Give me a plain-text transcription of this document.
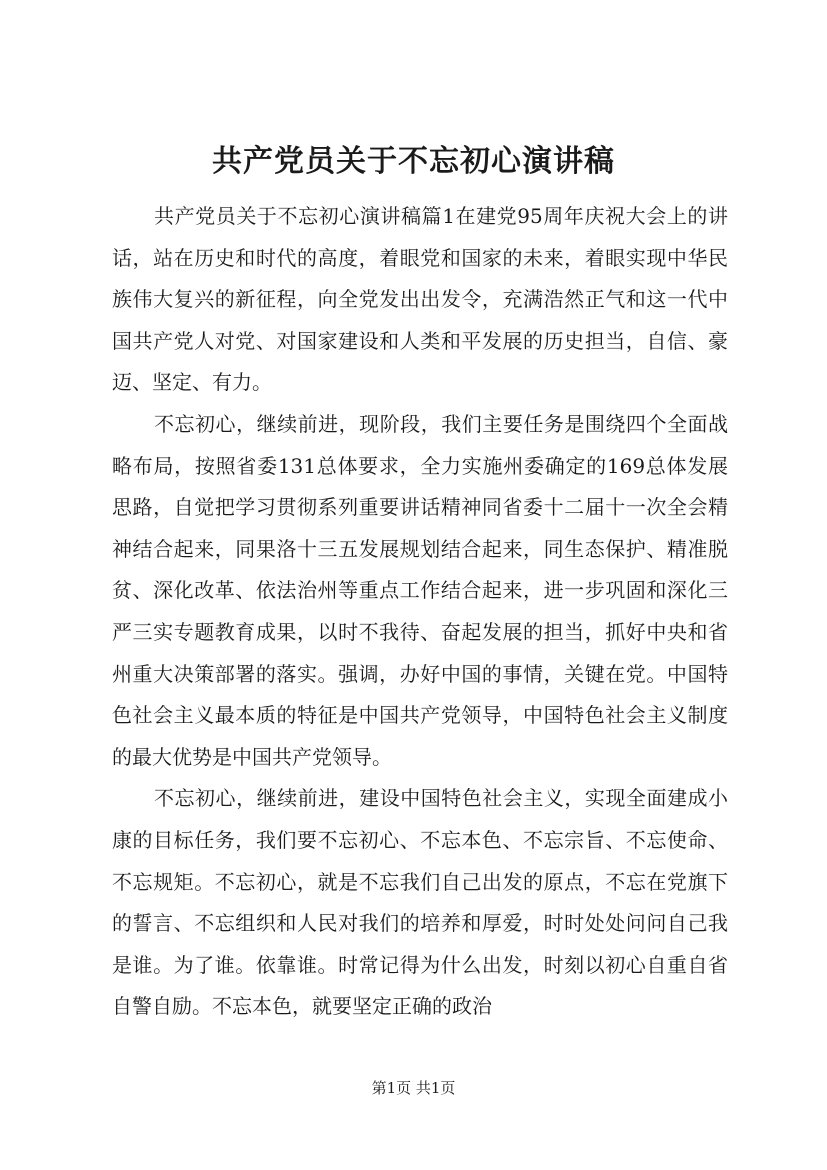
共产党员关于不忘初心演讲稿

共产党员关于不忘初心演讲稿篇1在建党95周年庆祝大会上的讲话，站在历史和时代的高度，着眼党和国家的未来，着眼实现中华民族伟大复兴的新征程，向全党发出出发令，充满浩然正气和这一代中国共产党人对党、对国家建设和人类和平发展的历史担当，自信、豪迈、坚定、有力。

不忘初心，继续前进，现阶段，我们主要任务是围绕四个全面战略布局，按照省委131总体要求，全力实施州委确定的169总体发展思路，自觉把学习贯彻系列重要讲话精神同省委十二届十一次全会精神结合起来，同果洛十三五发展规划结合起来，同生态保护、精准脱贫、深化改革、依法治州等重点工作结合起来，进一步巩固和深化三严三实专题教育成果，以时不我待、奋起发展的担当，抓好中央和省州重大决策部署的落实。强调，办好中国的事情，关键在党。中国特色社会主义最本质的特征是中国共产党领导，中国特色社会主义制度的最大优势是中国共产党领导。

不忘初心，继续前进，建设中国特色社会主义，实现全面建成小康的目标任务，我们要不忘初心、不忘本色、不忘宗旨、不忘使命、不忘规矩。不忘初心，就是不忘我们自己出发的原点，不忘在党旗下的誓言、不忘组织和人民对我们的培养和厚爱，时时处处问问自己我是谁。为了谁。依靠谁。时常记得为什么出发，时刻以初心自重自省自警自励。不忘本色，就要坚定正确的政治

第1页 共1页
